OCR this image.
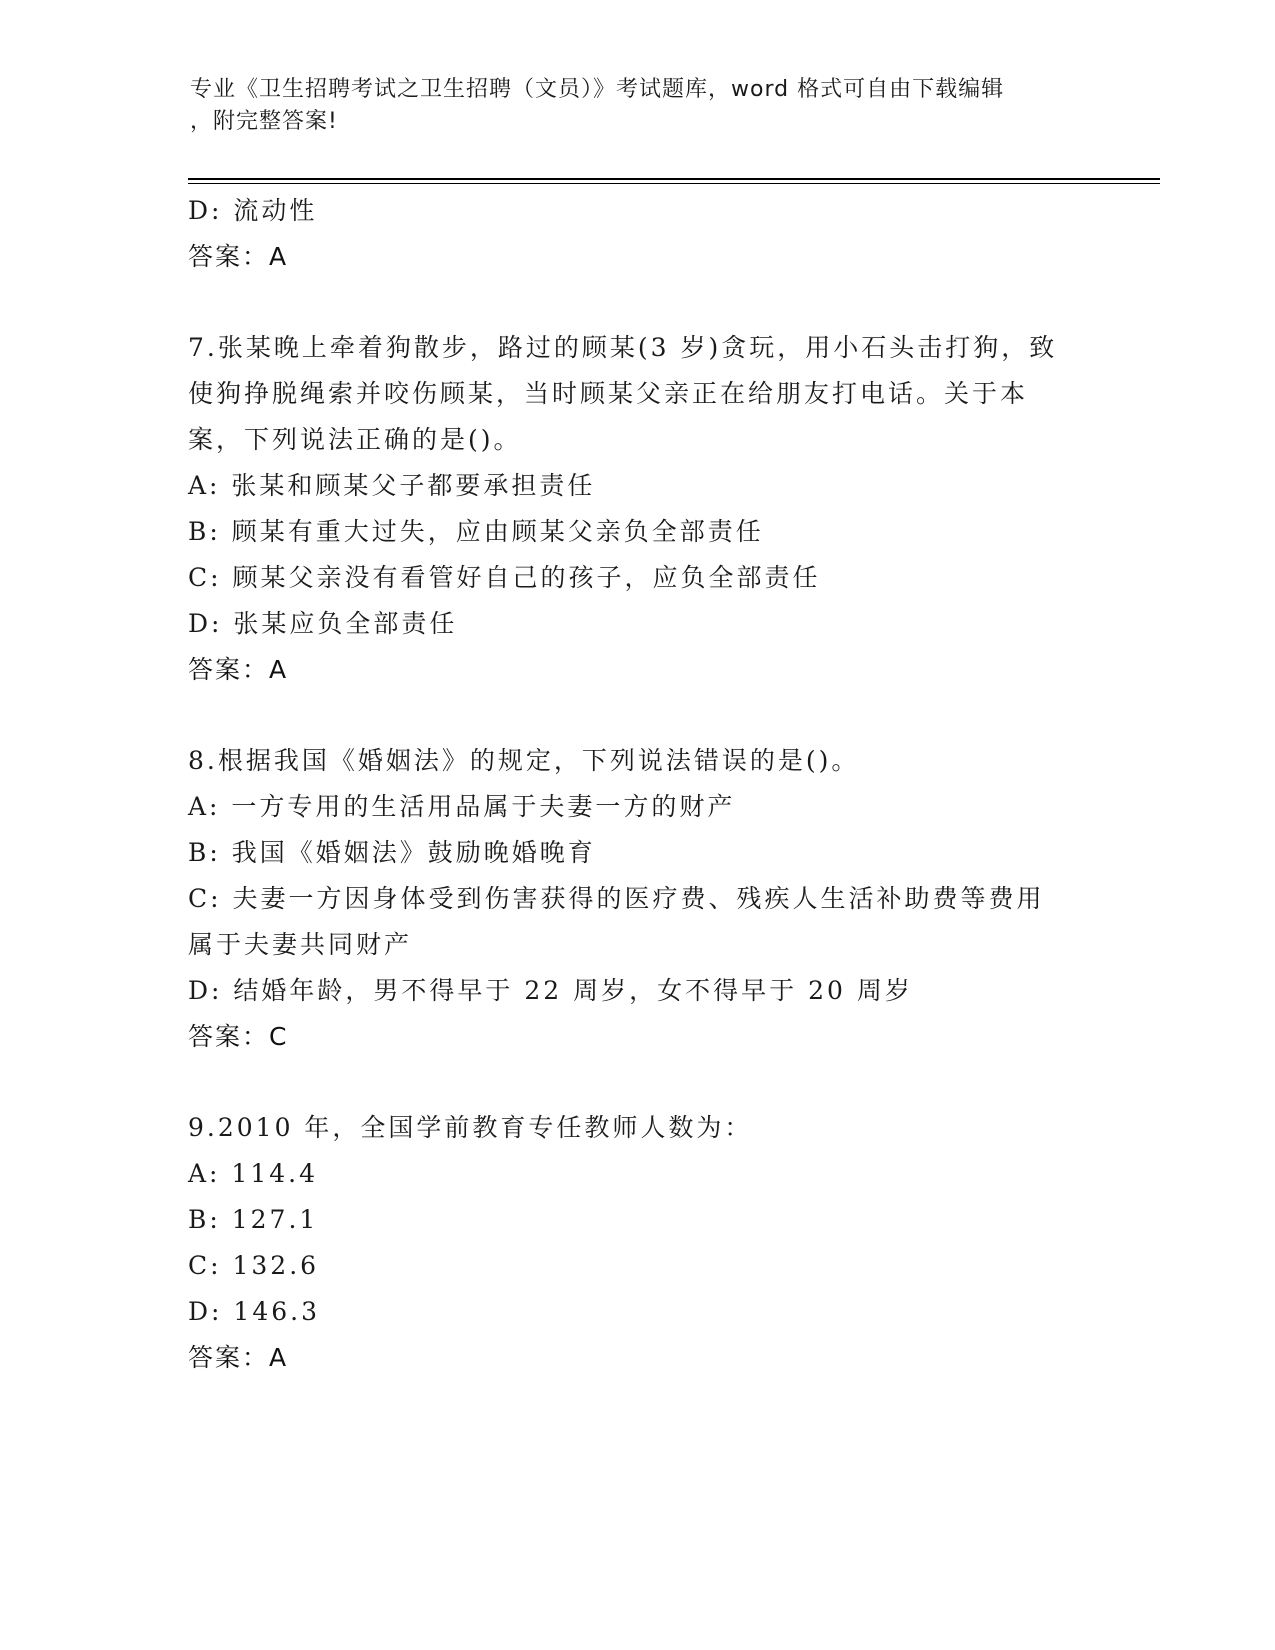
专业《卫生招聘考试之卫生招聘（文员）》考试题库，word 格式可自由下载编辑
，附完整答案!
D: 流动性
答案：A
7.张某晚上牵着狗散步，路过的顾某(3 岁)贪玩，用小石头击打狗，致
使狗挣脱绳索并咬伤顾某，当时顾某父亲正在给朋友打电话。关于本
案，下列说法正确的是()。
A: 张某和顾某父子都要承担责任
B: 顾某有重大过失，应由顾某父亲负全部责任
C: 顾某父亲没有看管好自己的孩子，应负全部责任
D: 张某应负全部责任
答案：A
8.根据我国《婚姻法》的规定，下列说法错误的是()。
A: 一方专用的生活用品属于夫妻一方的财产
B: 我国《婚姻法》鼓励晚婚晚育
C: 夫妻一方因身体受到伤害获得的医疗费、残疾人生活补助费等费用
属于夫妻共同财产
D: 结婚年龄，男不得早于 22 周岁，女不得早于 20 周岁
答案：C
9.2010 年，全国学前教育专任教师人数为：
A: 114.4
B: 127.1
C: 132.6
D: 146.3
答案：A
